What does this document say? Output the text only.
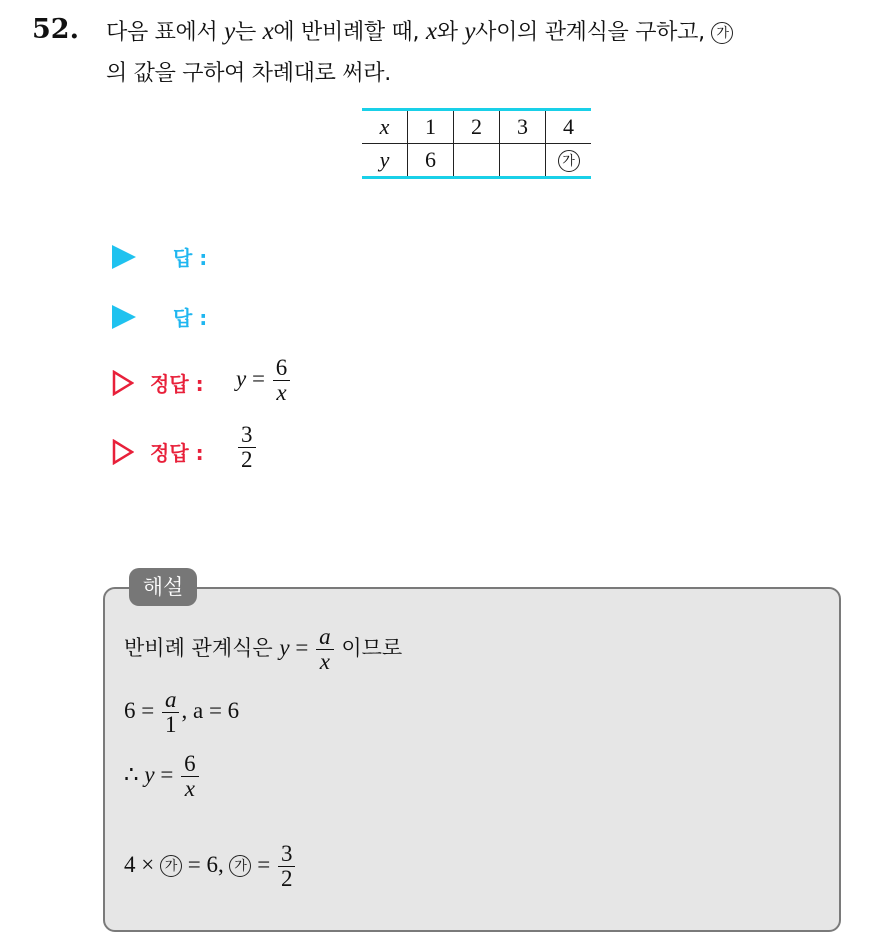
52. 다음 표에서 y는 x에 반비례할 때, x와 y사이의 관계식을 구하고, 가
의 값을 구하여 차례대로 써라.
x	1	2	3	4
y	6			가
답 :
답 :
정답 : $y = \frac{6}{x}$
정답 : $\frac{3}{2}$
해설
반비례 관계식은 $y = \frac{a}{x}$ 이므로
$6 = \frac{a}{1}$ , a = 6
∴ $y = \frac{6}{x}$
4 × 가 = 6, 가 = $\frac{3}{2}$
